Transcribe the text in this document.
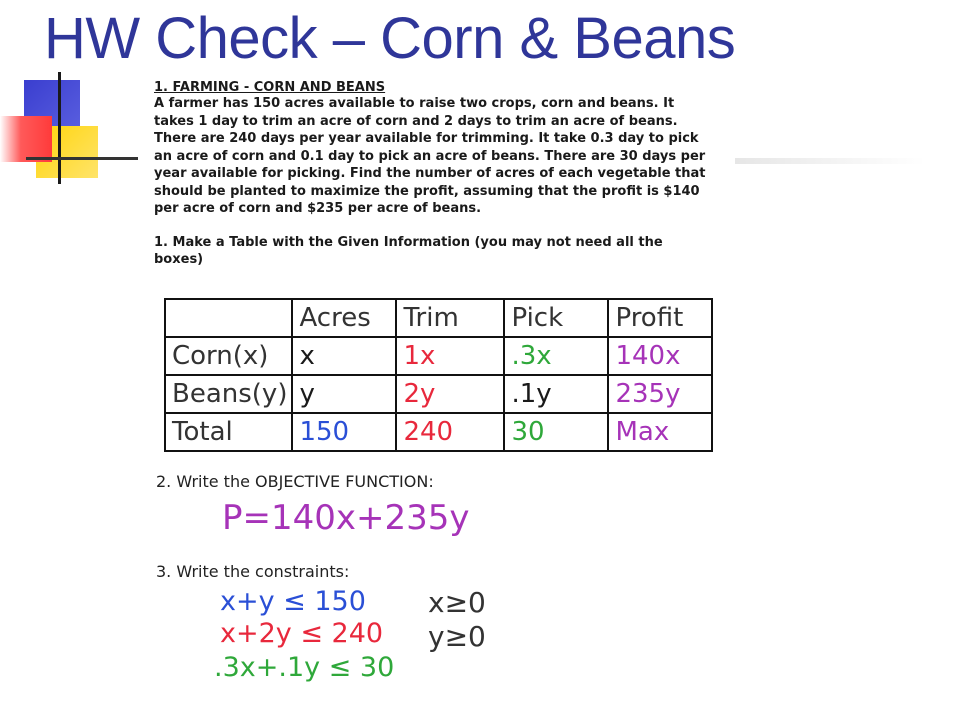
HW Check – Corn & Beans

1. FARMING - CORN AND BEANS

A farmer has 150 acres available to raise two crops, corn and beans. It takes 1 day to trim an acre of corn and 2 days to trim an acre of beans. There are 240 days per year available for trimming. It take 0.3 day to pick an acre of corn and 0.1 day to pick an acre of beans. There are 30 days per year available for picking. Find the number of acres of each vegetable that should be planted to maximize the profit, assuming that the profit is $140 per acre of corn and $235 per acre of beans.

1. Make a Table with the Given Information (you may not need all the boxes)

	Acres	Trim	Pick	Profit
Corn(x)	x	1x	.3x	140x
Beans(y)	y	2y	.1y	235y
Total	150	240	30	Max
2. Write the OBJECTIVE FUNCTION:
P=140x+235y
3. Write the constraints:
x+y ≤ 150
x+2y ≤ 240
.3x+.1y ≤ 30
x≥0
y≥0
